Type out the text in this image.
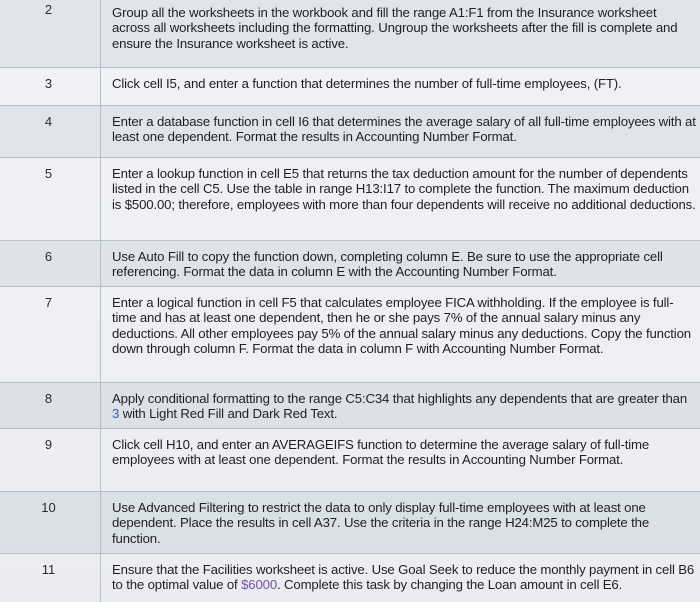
2	Group all the worksheets in the workbook and fill the range A1:F1 from the Insurance worksheet across all worksheets including the formatting. Ungroup the worksheets after the fill is complete and ensure the Insurance worksheet is active.

3	Click cell I5, and enter a function that determines the number of full-time employees, (FT).

4	Enter a database function in cell I6 that determines the average salary of all full-time employees with at least one dependent. Format the results in Accounting Number Format.

5	Enter a lookup function in cell E5 that returns the tax deduction amount for the number of dependents listed in the cell C5. Use the table in range H13:I17 to complete the function. The maximum deduction is $500.00; therefore, employees with more than four dependents will receive no additional deductions.

6	Use Auto Fill to copy the function down, completing column E. Be sure to use the appropriate cell referencing. Format the data in column E with the Accounting Number Format.

7	Enter a logical function in cell F5 that calculates employee FICA withholding. If the employee is full-time and has at least one dependent, then he or she pays 7% of the annual salary minus any deductions. All other employees pay 5% of the annual salary minus any deductions. Copy the function down through column F. Format the data in column F with Accounting Number Format.

8	Apply conditional formatting to the range C5:C34 that highlights any dependents that are greater than 3 with Light Red Fill and Dark Red Text.

9	Click cell H10, and enter an AVERAGEIFS function to determine the average salary of full-time employees with at least one dependent. Format the results in Accounting Number Format.

10	Use Advanced Filtering to restrict the data to only display full-time employees with at least one dependent. Place the results in cell A37. Use the criteria in the range H24:M25 to complete the function.

11	Ensure that the Facilities worksheet is active. Use Goal Seek to reduce the monthly payment in cell B6 to the optimal value of $6000. Complete this task by changing the Loan amount in cell E6.
